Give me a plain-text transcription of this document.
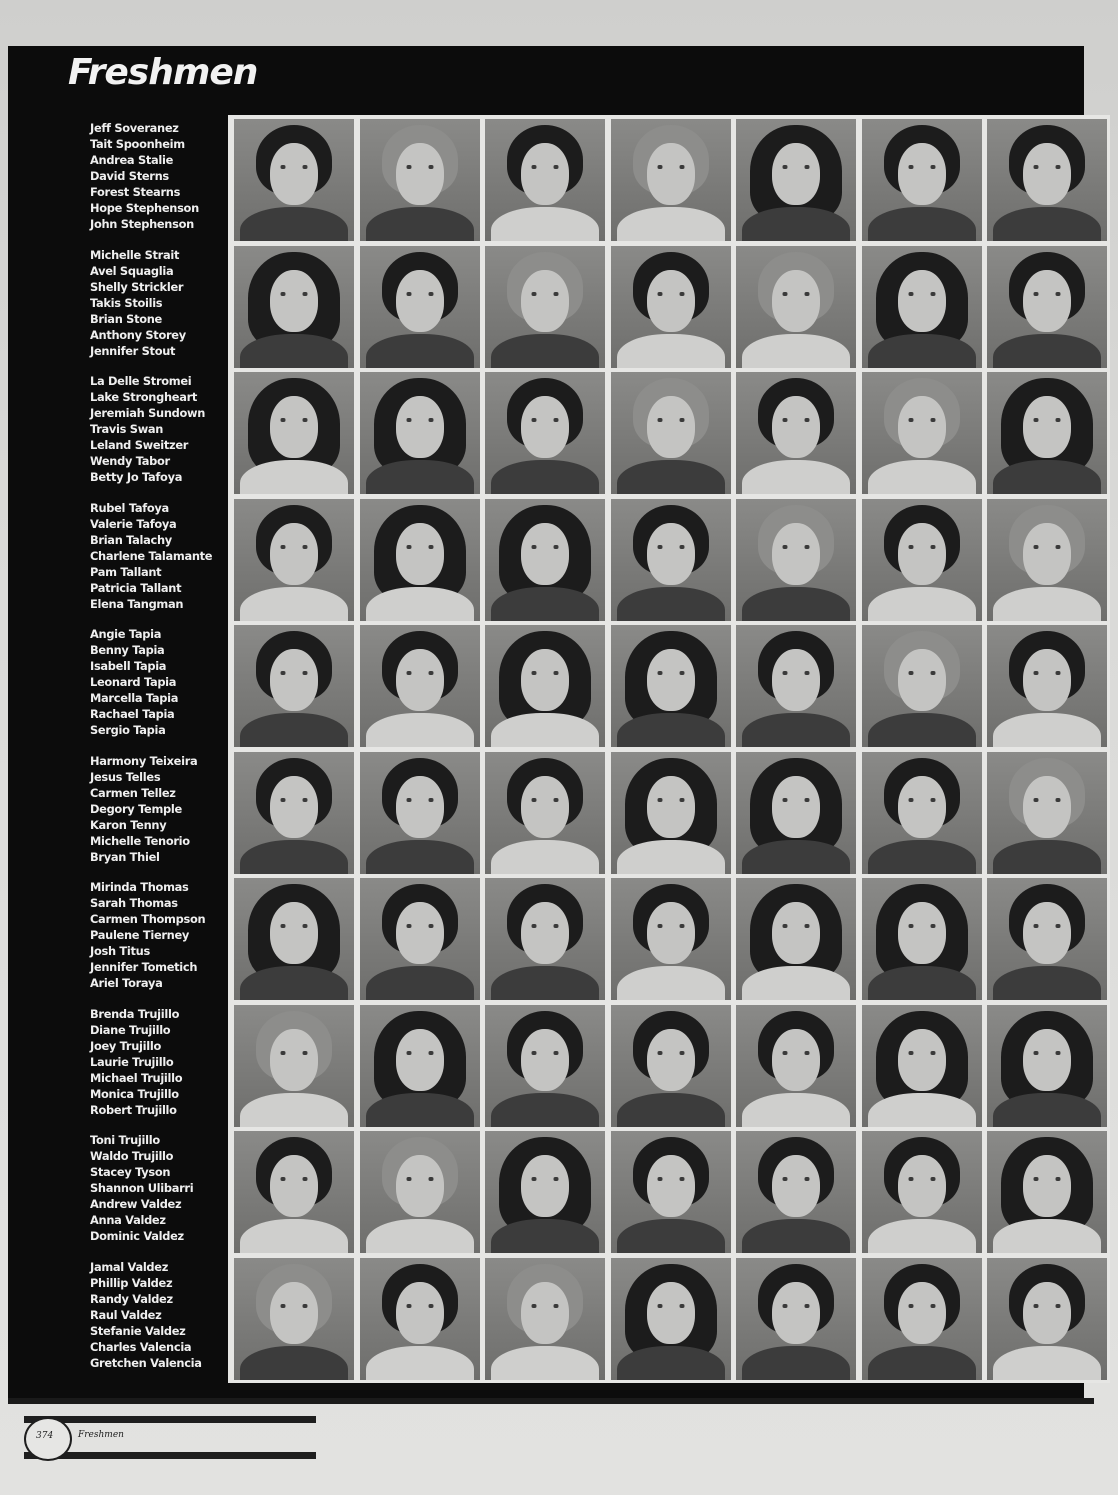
Freshmen
Jeff Soveranez
Tait Spoonheim
Andrea Stalie
David Sterns
Forest Stearns
Hope Stephenson
John Stephenson
Michelle Strait
Avel Squaglia
Shelly Strickler
Takis Stoilis
Brian Stone
Anthony Storey
Jennifer Stout
La Delle Stromei
Lake Strongheart
Jeremiah Sundown
Travis Swan
Leland Sweitzer
Wendy Tabor
Betty Jo Tafoya
Rubel Tafoya
Valerie Tafoya
Brian Talachy
Charlene Talamante
Pam Tallant
Patricia Tallant
Elena Tangman
Angie Tapia
Benny Tapia
Isabell Tapia
Leonard Tapia
Marcella Tapia
Rachael Tapia
Sergio Tapia
Harmony Teixeira
Jesus Telles
Carmen Tellez
Degory Temple
Karon Tenny
Michelle Tenorio
Bryan Thiel
Mirinda Thomas
Sarah Thomas
Carmen Thompson
Paulene Tierney
Josh Titus
Jennifer Tometich
Ariel Toraya
Brenda Trujillo
Diane Trujillo
Joey Trujillo
Laurie Trujillo
Michael Trujillo
Monica Trujillo
Robert Trujillo
Toni Trujillo
Waldo Trujillo
Stacey Tyson
Shannon Ulibarri
Andrew Valdez
Anna Valdez
Dominic Valdez
Jamal Valdez
Phillip Valdez
Randy Valdez
Raul Valdez
Stefanie Valdez
Charles Valencia
Gretchen Valencia
374	Freshmen
